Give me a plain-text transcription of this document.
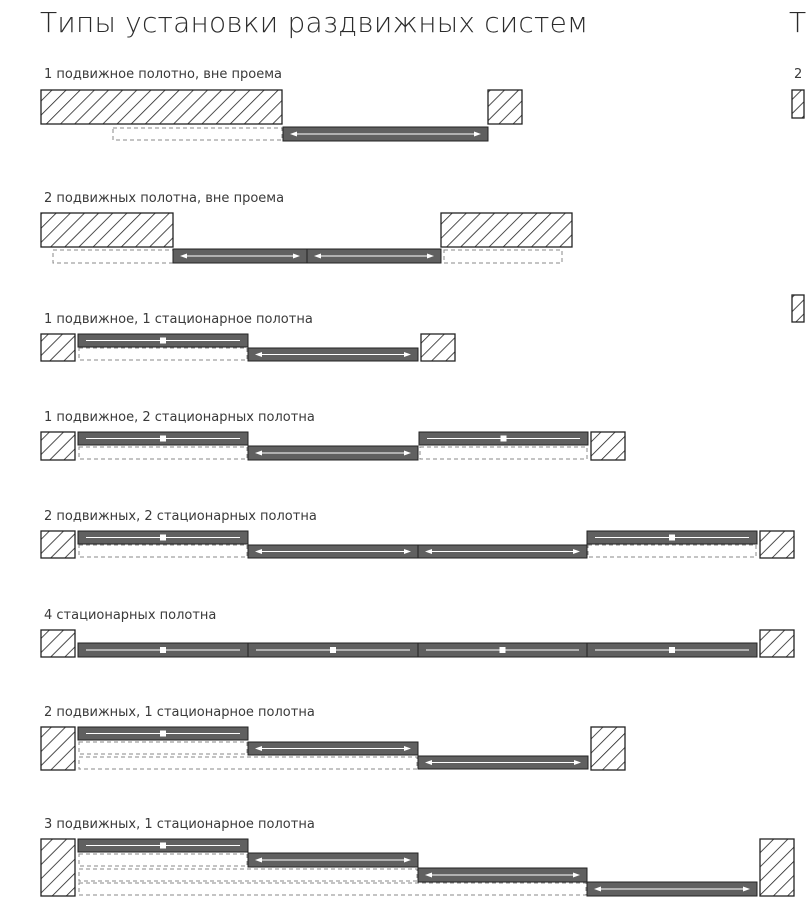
Типы установки раздвижных систем	Т
1 подвижное полотно, вне проема
2 подвижных полотна, вне проема
1 подвижное, 1 стационарное полотна
1 подвижное, 2 стационарных полотна
2 подвижных, 2 стационарных полотна
4 стационарных полотна
2 подвижных, 1 стационарное полотна
3 подвижных, 1 стационарное полотна
2
